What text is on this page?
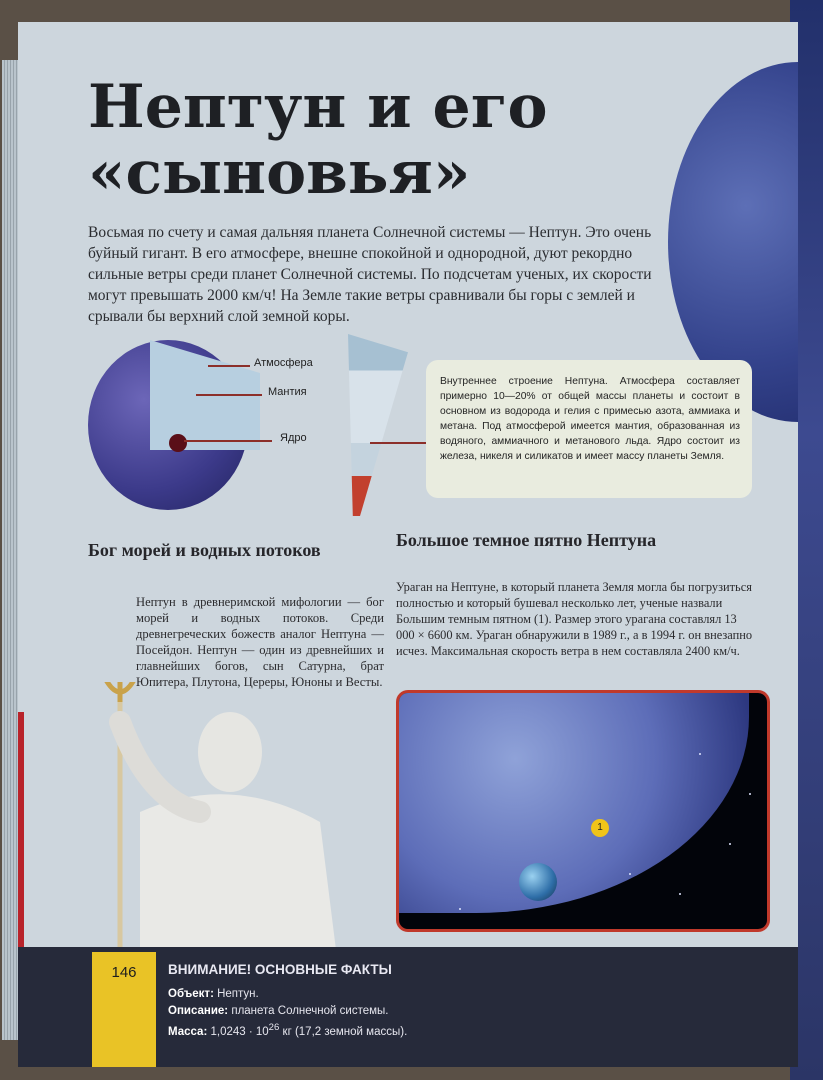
Нептун и его
«сыновья»

Восьмая по счету и самая дальняя планета Солнечной системы — Нептун. Это очень буйный гигант. В его атмосфере, внешне спокойной и однородной, дуют рекордно сильные ветры среди планет Солнечной системы. По подсчетам ученых, их скорости могут превышать 2000 км/ч! На Земле такие ветры сравнивали бы горы с землей и срывали бы верхний слой земной коры.

Атмосфера
Мантия
Ядро

Внутреннее строение Нептуна. Атмосфера составляет примерно 10—20% от общей массы планеты и состоит в основном из водорода и гелия с примесью азота, аммиака и метана. Под атмосферой имеется мантия, образованная из водяного, аммиачного и метанового льда. Ядро состоит из железа, никеля и силикатов и имеет массу планеты Земля.

Бог морей и водных потоков

Нептун в древнеримской мифологии — бог морей и водных потоков. Среди древнегреческих божеств аналог Нептуна — Посейдон. Нептун — один из древнейших и главнейших богов, сын Сатурна, брат Юпитера, Плутона, Цереры, Юноны и Весты.

Большое темное пятно Нептуна

Ураган на Нептуне, в который планета Земля могла бы погрузиться полностью и который бушевал несколько лет, ученые назвали Большим темным пятном (1). Размер этого урагана составлял 13 000 × 6600 км. Ураган обнаружили в 1989 г., а в 1994 г. он внезапно исчез. Максимальная скорость ветра в нем составляла 2400 км/ч.

1
146	ВНИМАНИЕ! ОСНОВНЫЕ ФАКТЫ

Объект: Нептун.

Описание: планета Солнечной системы.

Масса: $1,0243 \cdot 10^{26}$ кг (17,2 земной массы).
